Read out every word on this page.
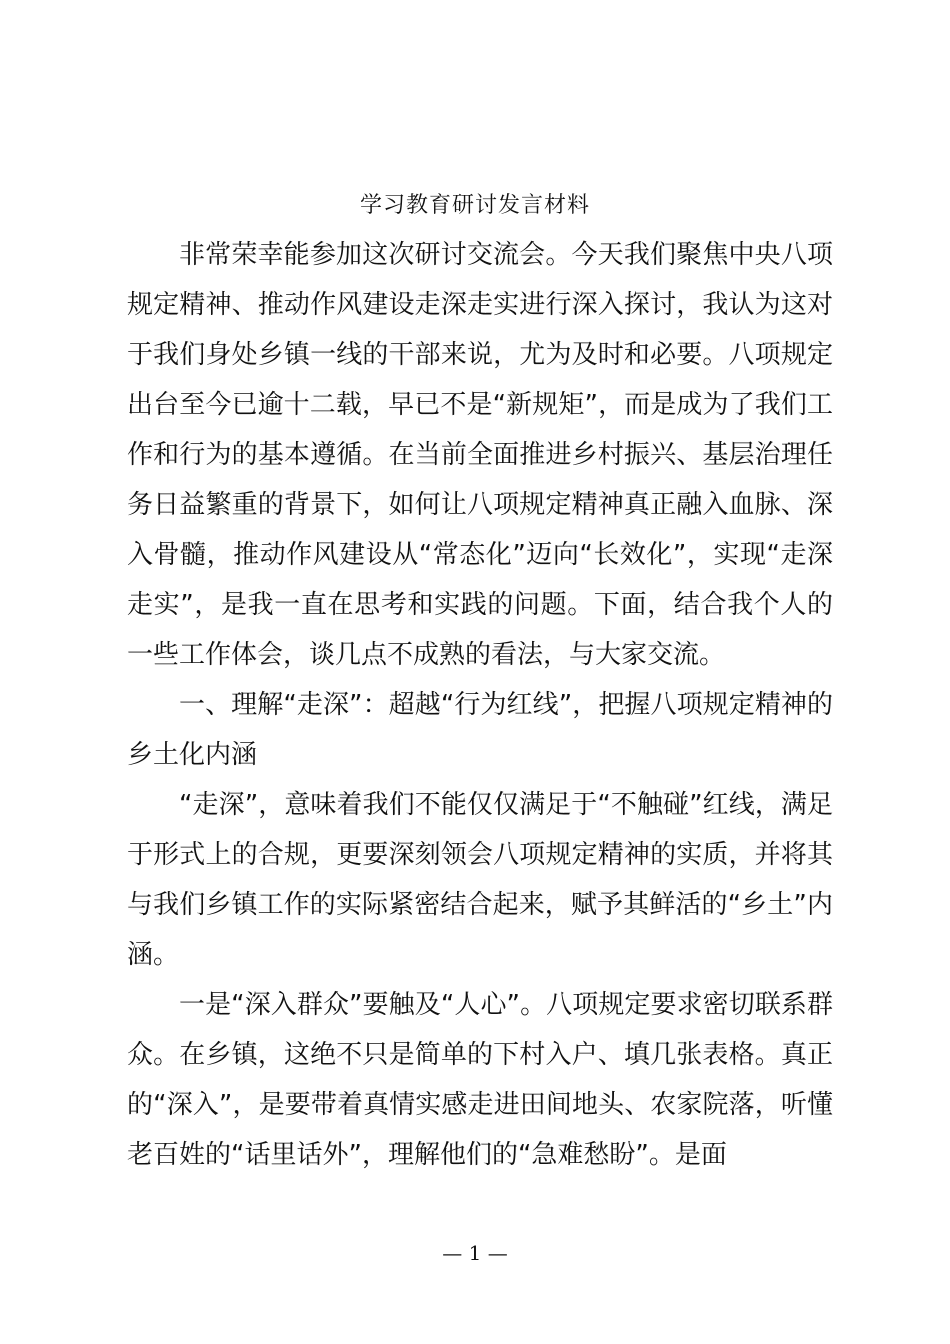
学习教育研讨发言材料

非常荣幸能参加这次研讨交流会。今天我们聚焦中央八项规定精神、推动作风建设走深走实进行深入探讨，我认为这对于我们身处乡镇一线的干部来说，尤为及时和必要。八项规定出台至今已逾十二载，早已不是“新规矩”，而是成为了我们工作和行为的基本遵循。在当前全面推进乡村振兴、基层治理任务日益繁重的背景下，如何让八项规定精神真正融入血脉、深入骨髓，推动作风建设从“常态化”迈向“长效化”，实现“走深走实”，是我一直在思考和实践的问题。下面，结合我个人的一些工作体会，谈几点不成熟的看法，与大家交流。

一、理解“走深”：超越“行为红线”，把握八项规定精神的乡土化内涵

“走深”，意味着我们不能仅仅满足于“不触碰”红线，满足于形式上的合规，更要深刻领会八项规定精神的实质，并将其与我们乡镇工作的实际紧密结合起来，赋予其鲜活的“乡土”内涵。

一是“深入群众”要触及“人心”。八项规定要求密切联系群众。在乡镇，这绝不只是简单的下村入户、填几张表格。真正的“深入”，是要带着真情实感走进田间地头、农家院落，听懂老百姓的“话里话外”，理解他们的“急难愁盼”。是面

— 1 —
